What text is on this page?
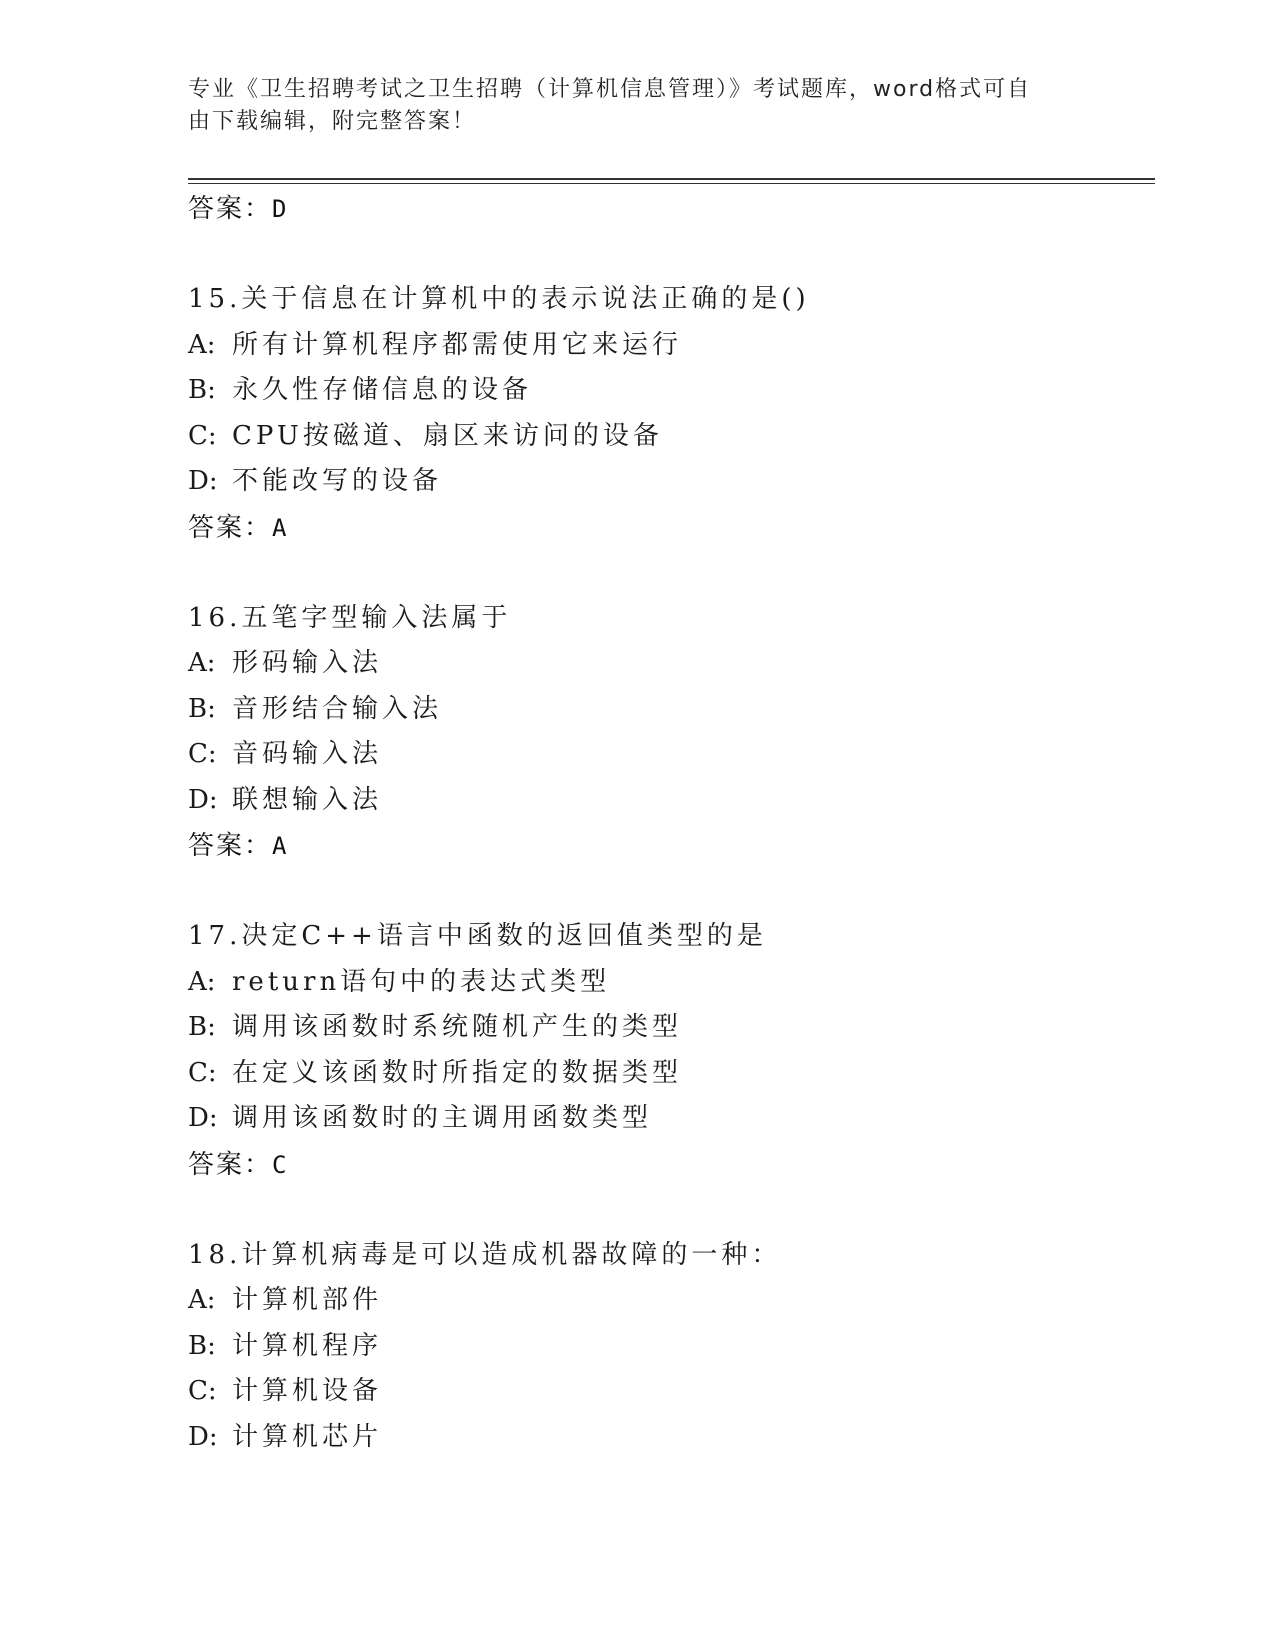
专业《卫生招聘考试之卫生招聘（计算机信息管理）》考试题库，word格式可自
由下载编辑，附完整答案！
答案：D
15.关于信息在计算机中的表示说法正确的是()
A: 所有计算机程序都需使用它来运行
B: 永久性存储信息的设备
C: CPU按磁道、扇区来访问的设备
D: 不能改写的设备
答案：A
16.五笔字型输入法属于
A: 形码输入法
B: 音形结合输入法
C: 音码输入法
D: 联想输入法
答案：A
17.决定C++语言中函数的返回值类型的是
A: return语句中的表达式类型
B: 调用该函数时系统随机产生的类型
C: 在定义该函数时所指定的数据类型
D: 调用该函数时的主调用函数类型
答案：C
18.计算机病毒是可以造成机器故障的一种：
A: 计算机部件
B: 计算机程序
C: 计算机设备
D: 计算机芯片
